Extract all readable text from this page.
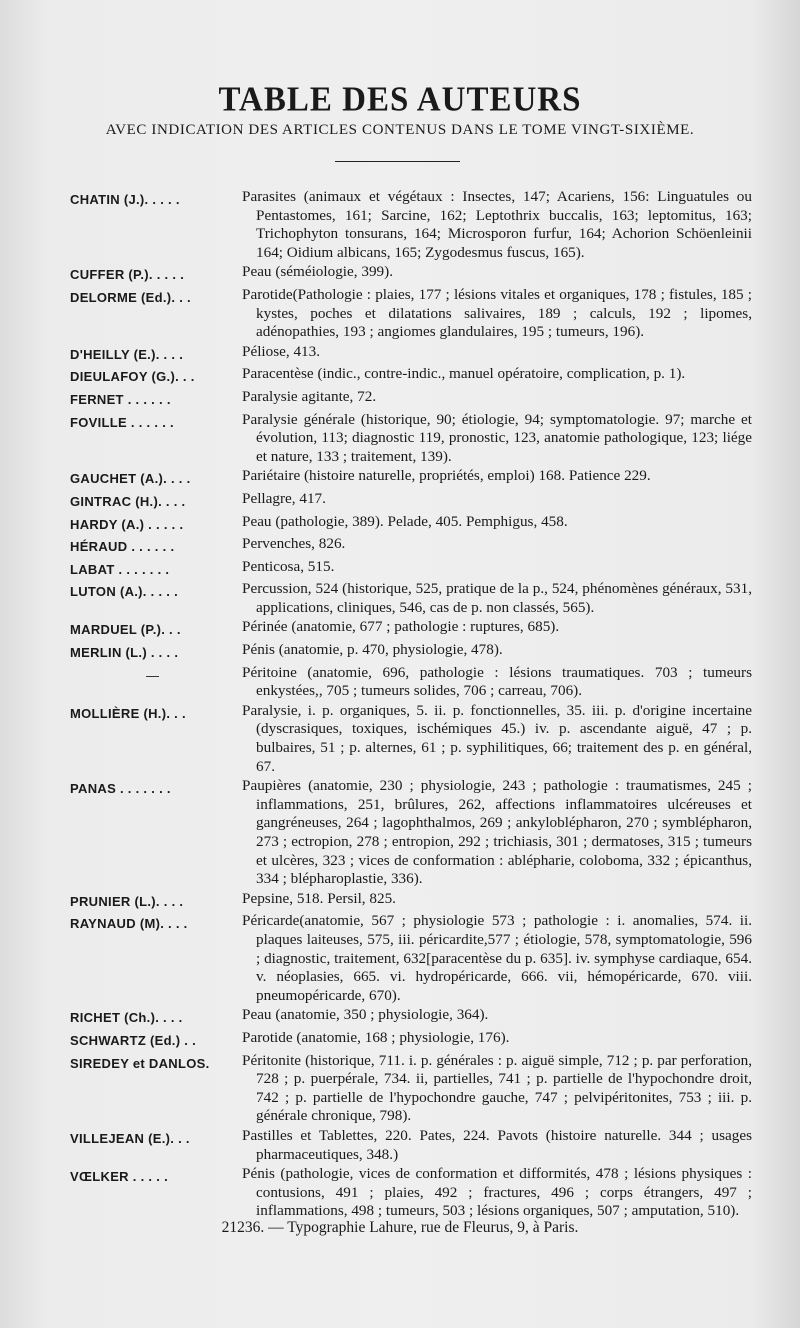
TABLE DES AUTEURS
AVEC INDICATION DES ARTICLES CONTENUS DANS LE TOME VINGT-SIXIÈME.
CHATIN (J.). . . . .	Parasites (animaux et végétaux : Insectes, 147; Acariens, 156: Linguatules ou Pentastomes, 161; Sarcine, 162; Leptothrix buccalis, 163; leptomitus, 163; Trichophyton tonsurans, 164; Microsporon furfur, 164; Achorion Schöenleinii 164; Oidium albicans, 165; Zygodesmus fuscus, 165).
CUFFER (P.). . . . .	Peau (séméiologie, 399).
DELORME (Ed.). . .	Parotide(Pathologie : plaies, 177 ; lésions vitales et organiques, 178 ; fistules, 185 ; kystes, poches et dilatations salivaires, 189 ; calculs, 192 ; lipomes, adénopathies, 193 ; angiomes glandulaires, 195 ; tumeurs, 196).
D'HEILLY (E.). . . .	Péliose, 413.
DIEULAFOY (G.). . .	Paracentèse (indic., contre-indic., manuel opératoire, complication, p. 1).
FERNET . . . . . .	Paralysie agitante, 72.
FOVILLE . . . . . .	Paralysie générale (historique, 90; étiologie, 94; symptomatologie. 97; marche et évolution, 113; diagnostic 119, pronostic, 123, anatomie pathologique, 123; liége et nature, 133 ; traitement, 139).
GAUCHET (A.). . . .	Pariétaire (histoire naturelle, propriétés, emploi) 168. Patience 229.
GINTRAC (H.). . . .	Pellagre, 417.
HARDY (A.) . . . . .	Peau (pathologie, 389). Pelade, 405. Pemphigus, 458.
HÉRAUD . . . . . .	Pervenches, 826.
LABAT . . . . . . .	Penticosa, 515.
LUTON (A.). . . . .	Percussion, 524 (historique, 525, pratique de la p., 524, phénomènes généraux, 531, applications, cliniques, 546, cas de p. non classés, 565).
MARDUEL (P.). . .	Périnée (anatomie, 677 ; pathologie : ruptures, 685).
MERLIN (L.) . . . .	Pénis (anatomie, p. 470, physiologie, 478).
—	Péritoine (anatomie, 696, pathologie : lésions traumatiques. 703 ; tumeurs enkystées,, 705 ; tumeurs solides, 706 ; carreau, 706).
MOLLIÈRE (H.). . .	Paralysie, i. p. organiques, 5. ii. p. fonctionnelles, 35. iii. p. d'origine incertaine (dyscrasiques, toxiques, ischémiques 45.) iv. p. ascendante aiguë, 47 ; p. bulbaires, 51 ; p. alternes, 61 ; p. syphilitiques, 66; traitement des p. en général, 67.
PANAS . . . . . . .	Paupières (anatomie, 230 ; physiologie, 243 ; pathologie : traumatismes, 245 ; inflammations, 251, brûlures, 262, affections inflammatoires ulcéreuses et gangréneuses, 264 ; lagophthalmos, 269 ; ankyloblépharon, 270 ; symblépharon, 273 ; ectropion, 278 ; entropion, 292 ; trichiasis, 301 ; dermatoses, 315 ; tumeurs et ulcères, 323 ; vices de conformation : ablépharie, coloboma, 332 ; épicanthus, 334 ; blépharoplastie, 336).
PRUNIER (L.). . . .	Pepsine, 518. Persil, 825.
RAYNAUD (M). . . .	Péricarde(anatomie, 567 ; physiologie 573 ; pathologie : i. anomalies, 574. ii. plaques laiteuses, 575, iii. péricardite,577 ; étiologie, 578, symptomatologie, 596 ; diagnostic, traitement, 632[paracentèse du p. 635]. iv. symphyse cardiaque, 654. v. néoplasies, 665. vi. hydropéricarde, 666. vii, hémopéricarde, 670. viii. pneumopéricarde, 670).
RICHET (Ch.). . . .	Peau (anatomie, 350 ; physiologie, 364).
SCHWARTZ (Ed.) . .	Parotide (anatomie, 168 ; physiologie, 176).
SIREDEY et DANLOS.	Péritonite (historique, 711. i. p. générales : p. aiguë simple, 712 ; p. par perforation, 728 ; p. puerpérale, 734. ii, partielles, 741 ; p. partielle de l'hypochondre droit, 742 ; p. partielle de l'hypochondre gauche, 747 ; pelvipéritonites, 753 ; iii. p. générale chronique, 798).
VILLEJEAN (E.). . .	Pastilles et Tablettes, 220. Pates, 224. Pavots (histoire naturelle. 344 ; usages pharmaceutiques, 348.)
VŒLKER . . . . .	Pénis (pathologie, vices de conformation et difformités, 478 ; lésions physiques : contusions, 491 ; plaies, 492 ; fractures, 496 ; corps étrangers, 497 ; inflammations, 498 ; tumeurs, 503 ; lésions organiques, 507 ; amputation, 510).
21236. — Typographie Lahure, rue de Fleurus, 9, à Paris.
